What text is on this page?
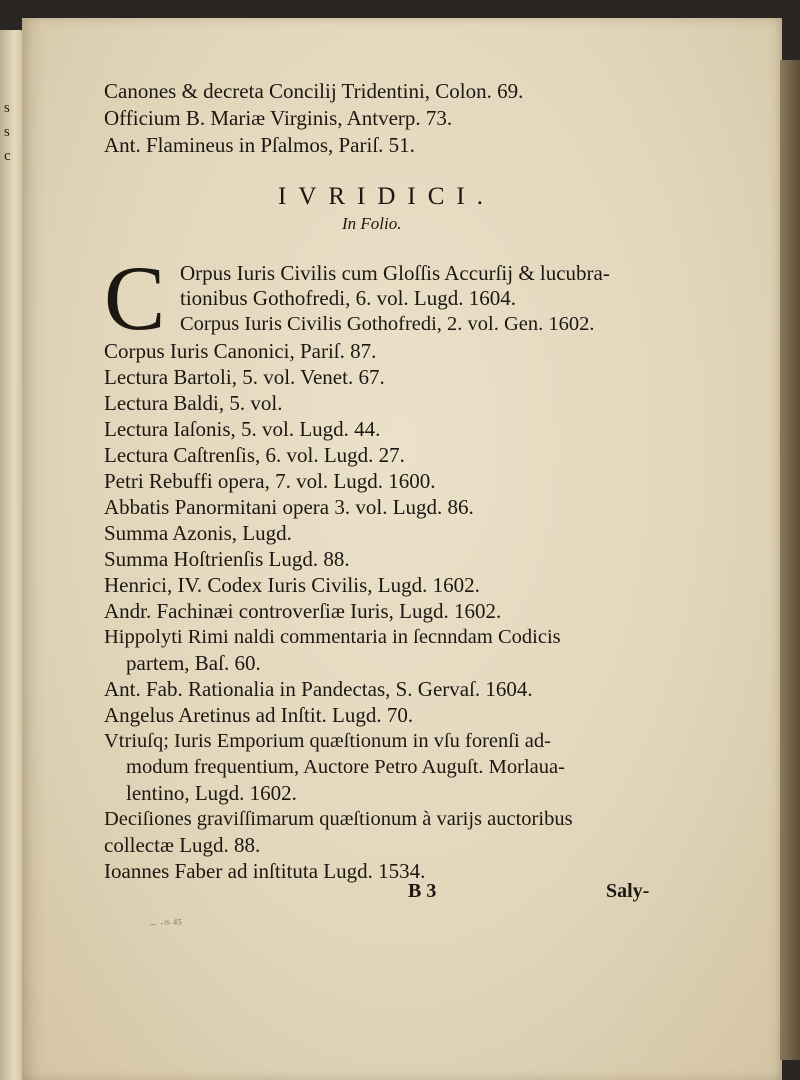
s
s
c
Canones & decreta Concilij Tridentini, Colon. 69.
Officium B. Mariæ Virginis, Antverp. 73.
Ant. Flamineus in Pſalmos, Pariſ. 51.
IVRIDICI.
In Folio.
C Orpus Iuris Civilis cum Gloſſis Accurſij & lucubra-
tionibus Gothofredi, 6. vol. Lugd. 1604.
Corpus Iuris Civilis Gothofredi, 2. vol. Gen. 1602.
Corpus Iuris Canonici, Pariſ. 87.
Lectura Bartoli, 5. vol. Venet. 67.
Lectura Baldi, 5. vol.
Lectura Iaſonis, 5. vol. Lugd. 44.
Lectura Caſtrenſis, 6. vol. Lugd. 27.
Petri Rebuffi opera, 7. vol. Lugd. 1600.
Abbatis Panormitani opera 3. vol. Lugd. 86.
Summa Azonis, Lugd.
Summa Hoſtrienſis Lugd. 88.
Henrici, IV. Codex Iuris Civilis, Lugd. 1602.
Andr. Fachinæi controverſiæ Iuris, Lugd. 1602.
Hippolyti Rimi naldi commentaria in ſecnndam Codicis
partem, Baſ. 60.
Ant. Fab. Rationalia in Pandectas, S. Gervaſ. 1604.
Angelus Aretinus ad Inſtit. Lugd. 70.
Vtriuſq; Iuris Emporium quæſtionum in vſu forenſi ad-
modum frequentium, Auctore Petro Auguſt. Morlaua-
lentino, Lugd. 1602.
Deciſiones graviſſimarum quæſtionum à varijs auctoribus
collectæ Lugd. 88.
Ioannes Faber ad inſtituta Lugd. 1534.
B 3	Saly-
– ·ʳˢ ⁴⁵
